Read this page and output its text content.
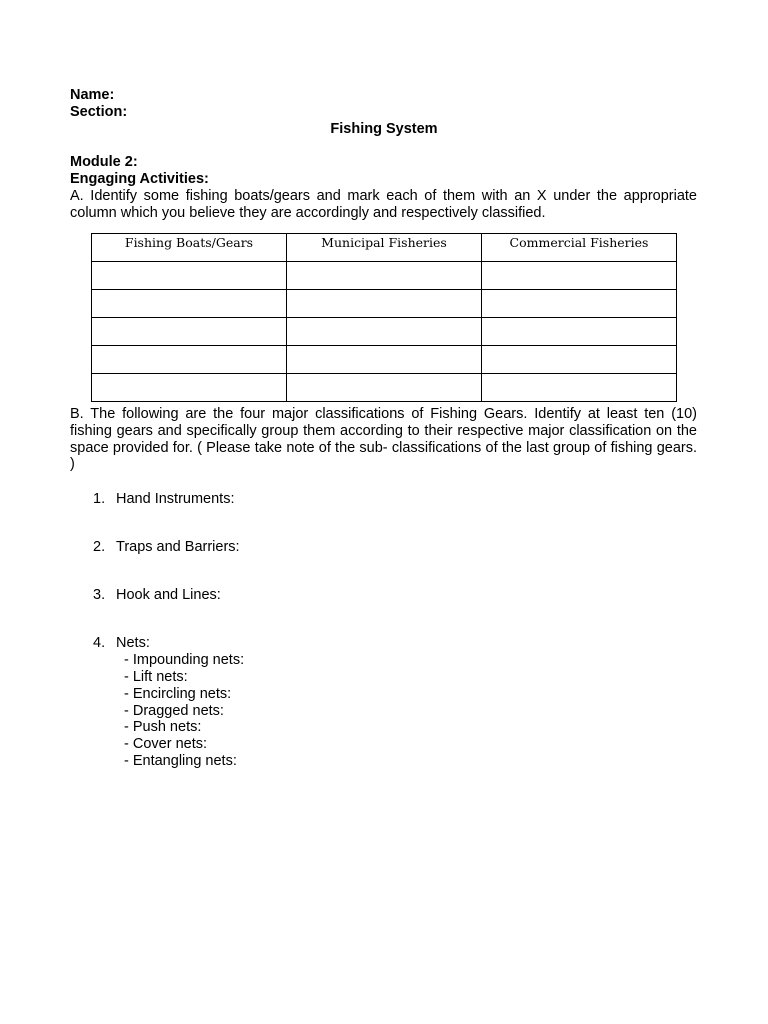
Name:
Section:
Fishing System
Module 2:
Engaging Activities:
A. Identify some fishing boats/gears and mark each of them with an X under the appropriate column which you believe they are accordingly and respectively classified.
Fishing Boats/Gears	Municipal Fisheries	Commercial Fisheries

B. The following are the four major classifications of Fishing Gears. Identify at least ten (10) fishing gears and specifically group them according to their respective major classification on the space provided for. ( Please take note of the sub- classifications of the last group of fishing gears. )
1. Hand Instruments:
2. Traps and Barriers:
3. Hook and Lines:
4. Nets:
- Impounding nets:
- Lift nets:
- Encircling nets:
- Dragged nets:
- Push nets:
- Cover nets:
- Entangling nets:
